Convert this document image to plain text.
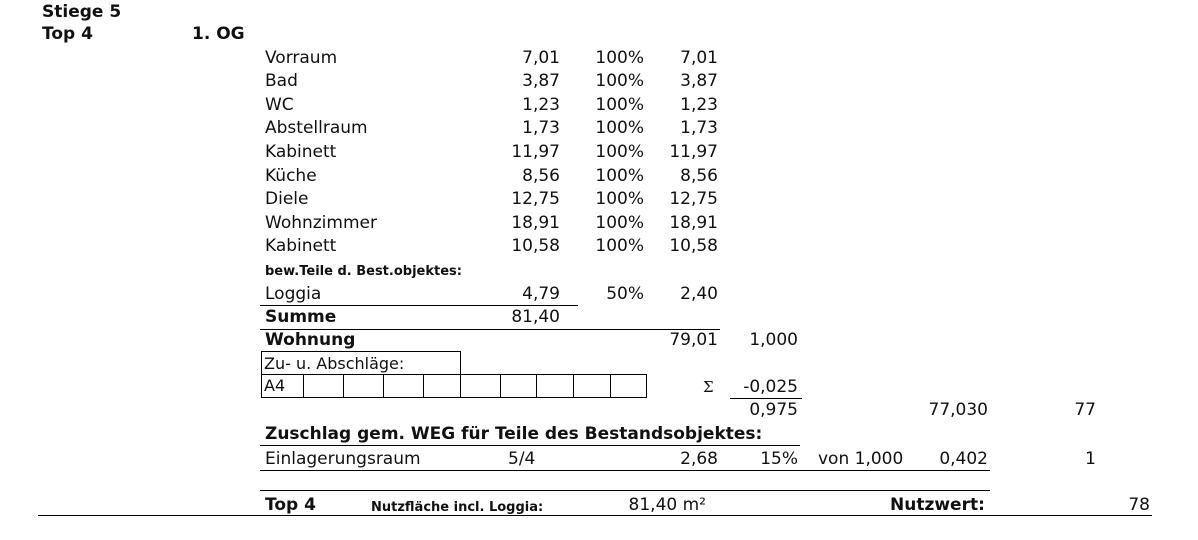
Stiege 5
Top 4	1. OG
Vorraum	7,01	100%	7,01
Bad	3,87	100%	3,87
WC	1,23	100%	1,23
Abstellraum	1,73	100%	1,73
Kabinett	11,97	100%	11,97
Küche	8,56	100%	8,56
Diele	12,75	100%	12,75
Wohnzimmer	18,91	100%	18,91
Kabinett	10,58	100%	10,58
bew.Teile d. Best.objektes:
Loggia	4,79	50%	2,40
Summe	81,40
Wohnung	79,01	1,000
Zu- u. Abschläge:
A4	Σ	-0,025
0,975	77,030	77
Zuschlag gem. WEG für Teile des Bestandsobjektes:
Einlagerungsraum	5/4	2,68	15% von 1,000	0,402	1
Top 4	Nutzfläche incl. Loggia:	81,40 m²	Nutzwert:	78
